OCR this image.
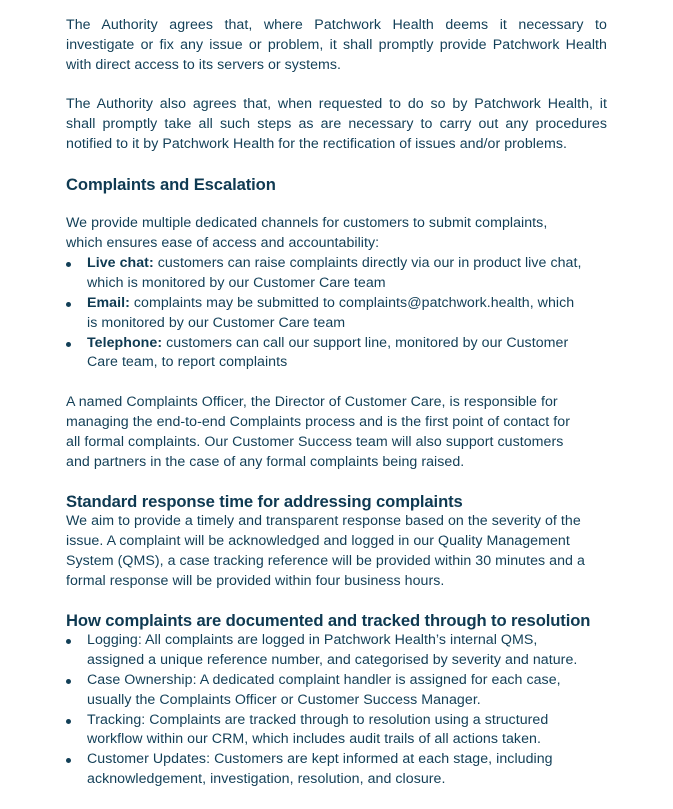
The Authority agrees that, where Patchwork Health deems it necessary to
investigate or fix any issue or problem, it shall promptly provide Patchwork Health
with direct access to its servers or systems.

The Authority also agrees that, when requested to do so by Patchwork Health, it
shall promptly take all such steps as are necessary to carry out any procedures
notified to it by Patchwork Health for the rectification of issues and/or problems.

Complaints and Escalation
We provide multiple dedicated channels for customers to submit complaints,
which ensures ease of access and accountability:
Live chat: customers can raise complaints directly via our in product live chat,
which is monitored by our Customer Care team
Email: complaints may be submitted to complaints@patchwork.health, which
is monitored by our Customer Care team
Telephone: customers can call our support line, monitored by our Customer
Care team, to report complaints

A named Complaints Officer, the Director of Customer Care, is responsible for
managing the end-to-end Complaints process and is the first point of contact for
all formal complaints. Our Customer Success team will also support customers
and partners in the case of any formal complaints being raised.

Standard response time for addressing complaints

We aim to provide a timely and transparent response based on the severity of the
issue. A complaint will be acknowledged and logged in our Quality Management
System (QMS), a case tracking reference will be provided within 30 minutes and a
formal response will be provided within four business hours.

How complaints are documented and tracked through to resolution
Logging: All complaints are logged in Patchwork Health’s internal QMS,
assigned a unique reference number, and categorised by severity and nature.
Case Ownership: A dedicated complaint handler is assigned for each case,
usually the Complaints Officer or Customer Success Manager.
Tracking: Complaints are tracked through to resolution using a structured
workflow within our CRM, which includes audit trails of all actions taken.
Customer Updates: Customers are kept informed at each stage, including
acknowledgement, investigation, resolution, and closure.
